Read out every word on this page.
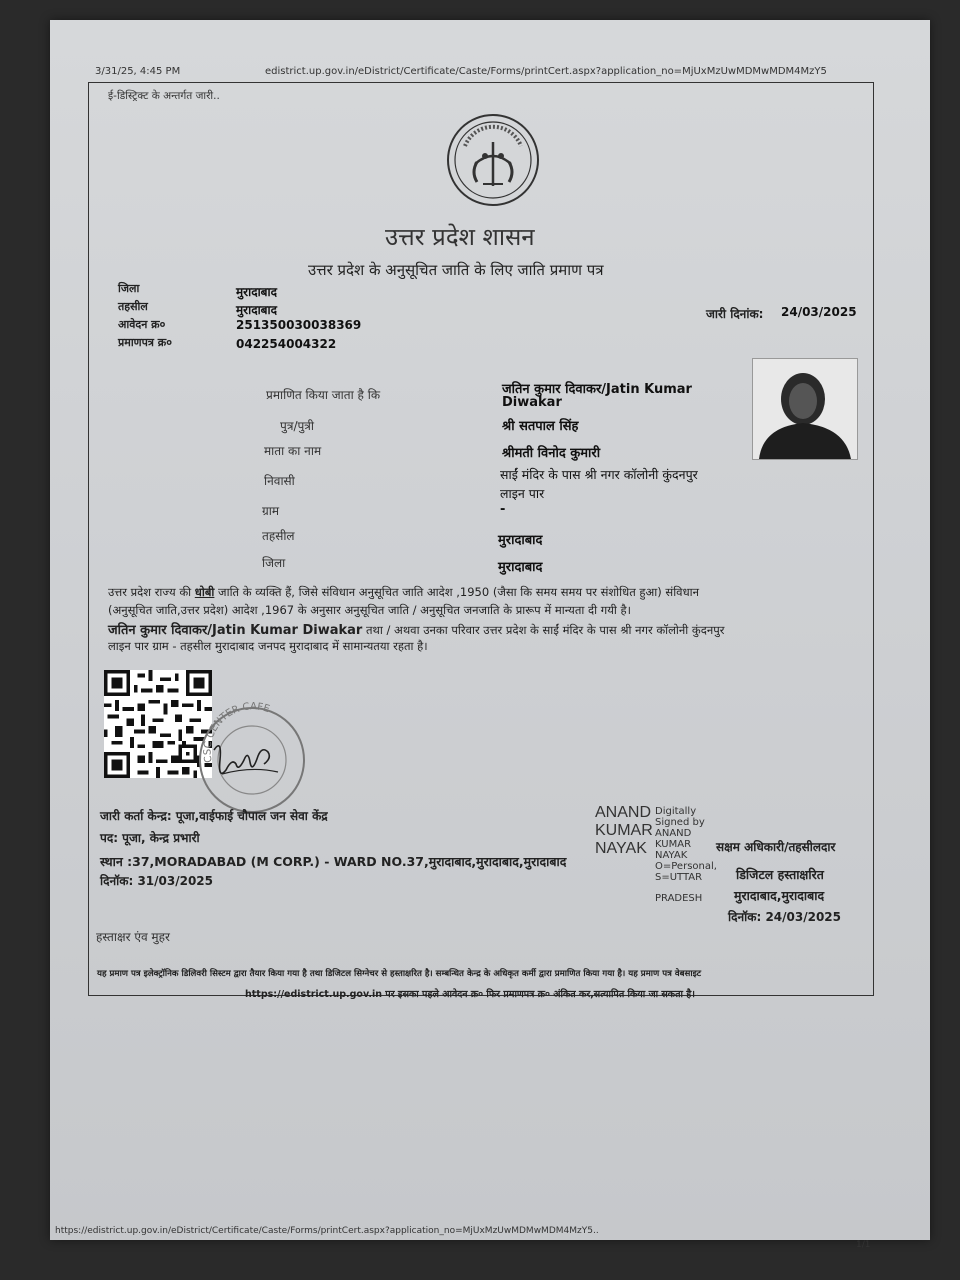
3/31/25, 4:45 PM	edistrict.up.gov.in/eDistrict/Certificate/Caste/Forms/printCert.aspx?application_no=MjUxMzUwMDMwMDM4MzY5
ई-डिस्ट्रिक्ट के अन्तर्गत जारी..
उत्तर प्रदेश शासन
उत्तर प्रदेश के अनुसूचित जाति के लिए जाति प्रमाण पत्र
जिला	मुरादाबाद
तहसील	मुरादाबाद
आवेदन क्र०	251350030038369
प्रमाणपत्र क्र०	042254004322
जारी दिनांक: 24/03/2025
प्रमाणित किया जाता है कि	जतिन कुमार दिवाकर/Jatin Kumar
Diwakar
पुत्र/पुत्री	श्री सतपाल सिंह
माता का नाम	श्रीमती विनोद कुमारी
निवासी	साईं मंदिर के पास श्री नगर कॉलोनी कुंदनपुर
लाइन पार
ग्राम	-
तहसील	मुरादाबाद
जिला	मुरादाबाद
उत्तर प्रदेश राज्य की धोबी जाति के व्यक्ति हैं, जिसे संविधान अनुसूचित जाति आदेश ,1950 (जैसा कि समय समय पर संशोधित हुआ) संविधान
(अनुसूचित जाति,उत्तर प्रदेश) आदेश ,1967 के अनुसार अनुसूचित जाति / अनुसूचित जनजाति के प्रारूप में मान्यता दी गयी है।
जतिन कुमार दिवाकर/Jatin Kumar Diwakar तथा / अथवा उनका परिवार उत्तर प्रदेश के साईं मंदिर के पास श्री नगर कॉलोनी कुंदनपुर
लाइन पार ग्राम - तहसील मुरादाबाद जनपद मुरादाबाद में सामान्यतया रहता है।
CSC CENTER CAFE
जारी कर्ता केन्द्र: पूजा,वाईफाई चौपाल जन सेवा केंद्र
पद: पूजा, केन्द्र प्रभारी
स्थान :37,MORADABAD (M CORP.) - WARD NO.37,मुरादाबाद,मुरादाबाद,मुरादाबाद
दिनॉक: 31/03/2025
हस्ताक्षर एंव मुहर
ANAND
KUMAR
NAYAK
Digitally
Signed by
ANAND
KUMAR
NAYAK
O=Personal,
S=UTTAR
PRADESH
सक्षम अधिकारी/तहसीलदार
डिजिटल हस्ताक्षरित
मुरादाबाद,मुरादाबाद
दिनॉक: 24/03/2025
यह प्रमाण पत्र इलेक्ट्रॉनिक डिलिवरी सिस्टम द्वारा तैयार किया गया है तथा डिजिटल सिग्नेचर से हस्ताक्षरित है। सम्बन्धित केन्द्र के अधिकृत कर्मी द्वारा प्रमाणित किया गया है। यह प्रमाण पत्र वेबसाइट
https://edistrict.up.gov.in पर इसका पहले आवेदन क्र० फिर प्रमाणपत्र क्र० अंकित कर,सत्यापित किया जा सकता है।
https://edistrict.up.gov.in/eDistrict/Certificate/Caste/Forms/printCert.aspx?application_no=MjUxMzUwMDMwMDM4MzY5..
1/1
